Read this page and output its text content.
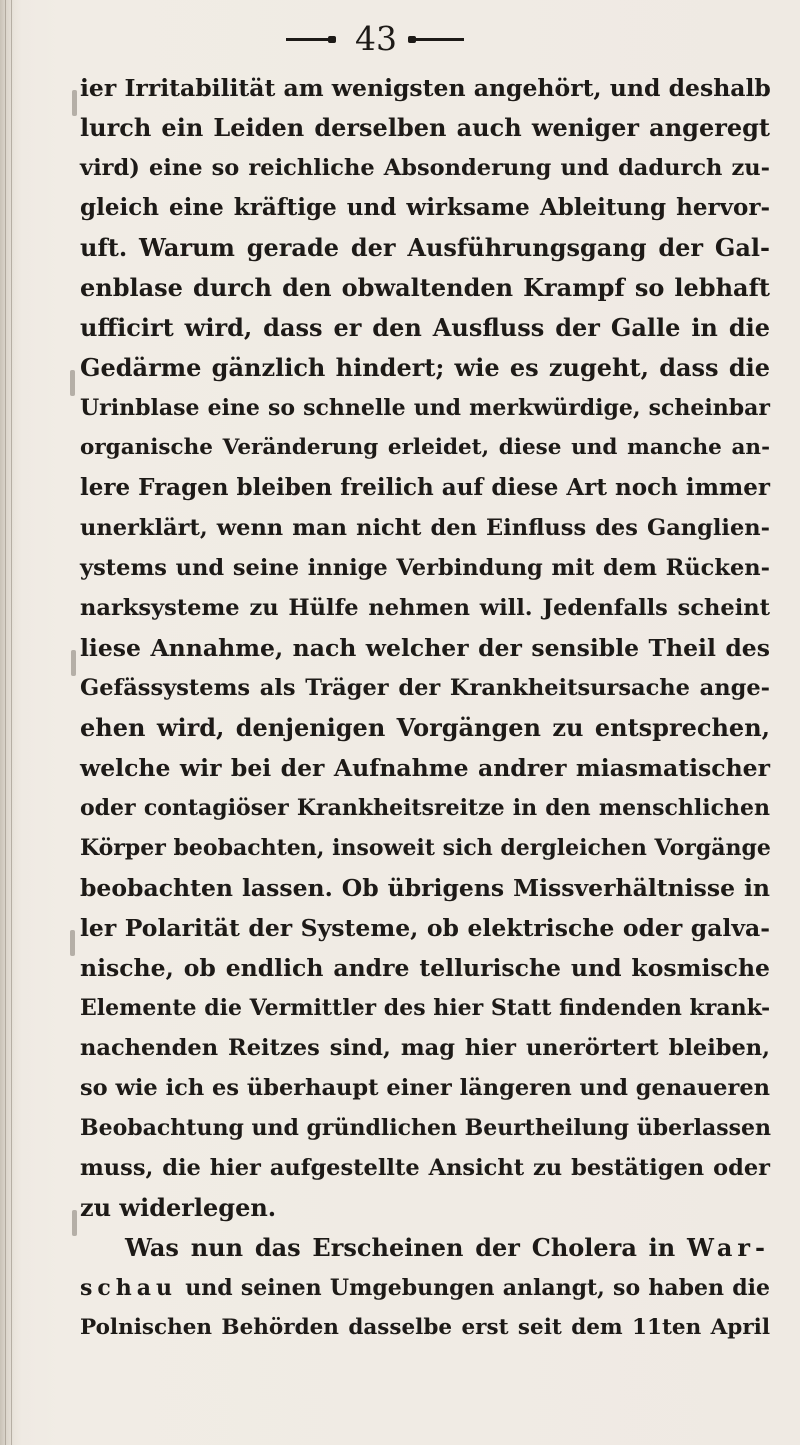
43
ier Irritabilität am wenigsten angehört, und deshalb
lurch ein Leiden derselben auch weniger angeregt
vird) eine so reichliche Absonderung und dadurch zu-
gleich eine kräftige und wirksame Ableitung hervor-
uft. Warum gerade der Ausführungsgang der Gal-
enblase durch den obwaltenden Krampf so lebhaft
ufficirt wird, dass er den Ausfluss der Galle in die
Gedärme gänzlich hindert; wie es zugeht, dass die
Urinblase eine so schnelle und merkwürdige, scheinbar
organische Veränderung erleidet, diese und manche an-
lere Fragen bleiben freilich auf diese Art noch immer
unerklärt, wenn man nicht den Einfluss des Ganglien-
ystems und seine innige Verbindung mit dem Rücken-
narksysteme zu Hülfe nehmen will. Jedenfalls scheint
liese Annahme, nach welcher der sensible Theil des
Gefässystems als Träger der Krankheitsursache ange-
ehen wird, denjenigen Vorgängen zu entsprechen,
welche wir bei der Aufnahme andrer miasmatischer
oder contagiöser Krankheitsreitze in den menschlichen
Körper beobachten, insoweit sich dergleichen Vorgänge
beobachten lassen. Ob übrigens Missverhältnisse in
ler Polarität der Systeme, ob elektrische oder galva-
nische, ob endlich andre tellurische und kosmische
Elemente die Vermittler des hier Statt findenden krank-
nachenden Reitzes sind, mag hier unerörtert bleiben,
so wie ich es überhaupt einer längeren und genaueren
Beobachtung und gründlichen Beurtheilung überlassen
muss, die hier aufgestellte Ansicht zu bestätigen oder
zu widerlegen.
Was nun das Erscheinen der Cholera in War-
schau und seinen Umgebungen anlangt, so haben die
Polnischen Behörden dasselbe erst seit dem 11ten April
